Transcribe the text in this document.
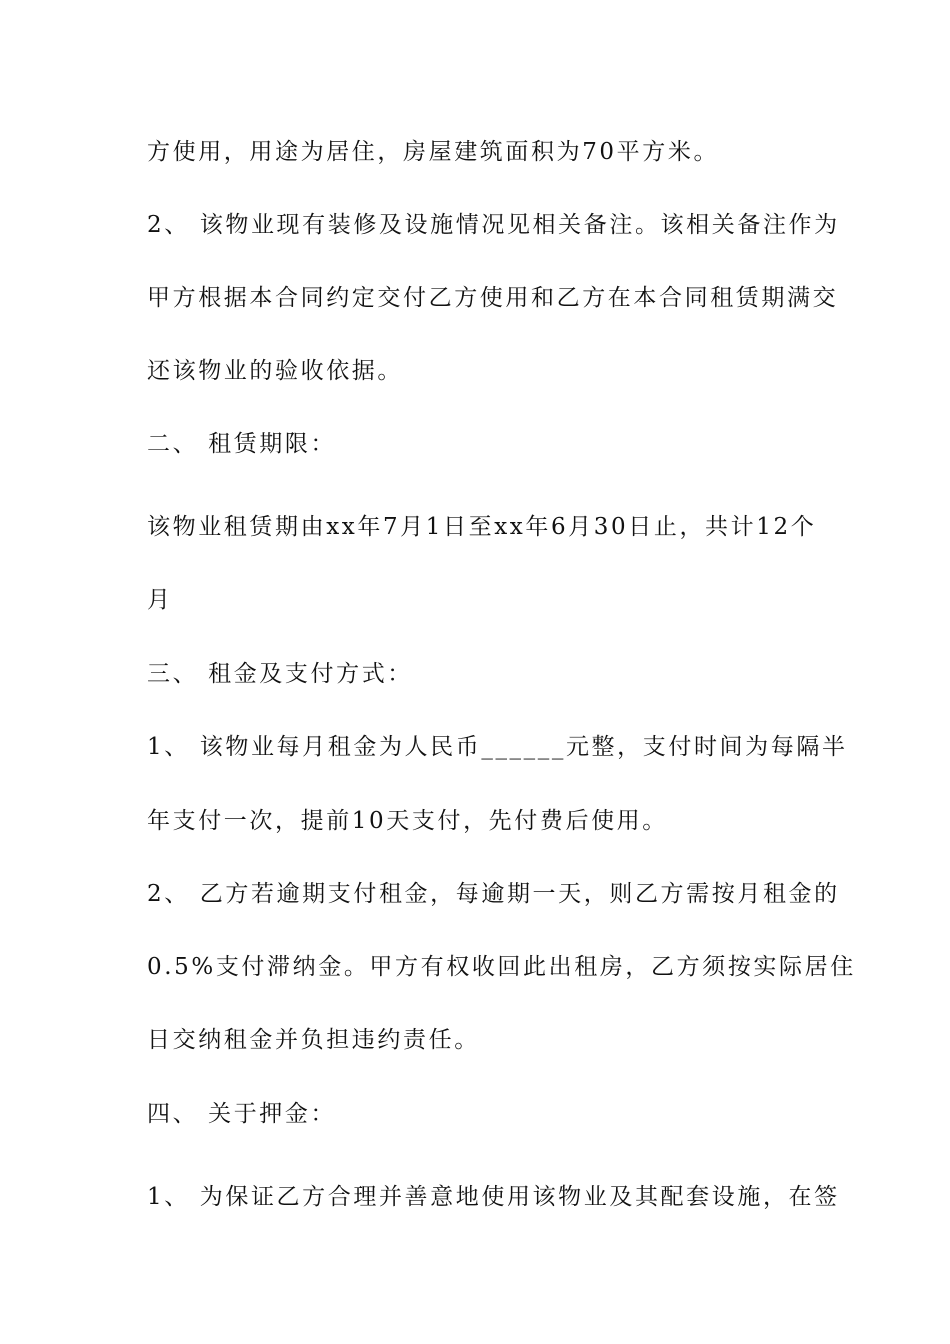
方使用，用途为居住，房屋建筑面积为70平方米。
2、 该物业现有装修及设施情况见相关备注。该相关备注作为
甲方根据本合同约定交付乙方使用和乙方在本合同租赁期满交
还该物业的验收依据。
二、 租赁期限：
该物业租赁期由xx年7月1日至xx年6月30日止，共计12个
月
三、 租金及支付方式：
1、 该物业每月租金为人民币______元整，支付时间为每隔半
年支付一次，提前10天支付，先付费后使用。
2、 乙方若逾期支付租金，每逾期一天，则乙方需按月租金的
0.5%支付滞纳金。甲方有权收回此出租房，乙方须按实际居住
日交纳租金并负担违约责任。
四、 关于押金：
1、 为保证乙方合理并善意地使用该物业及其配套设施，在签
